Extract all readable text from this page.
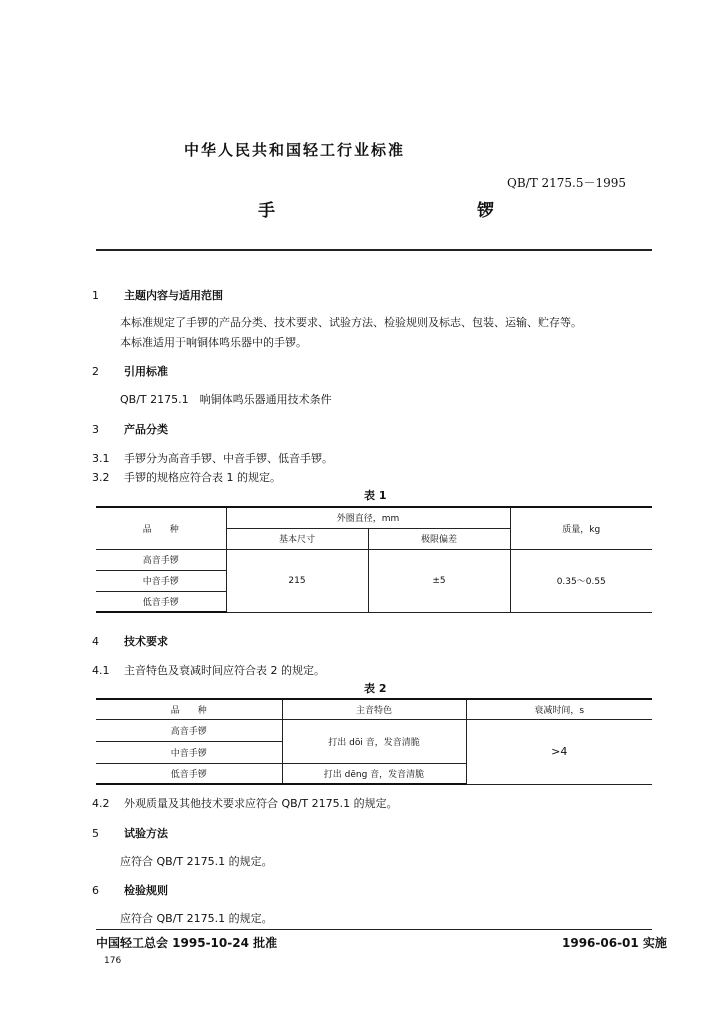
中华人民共和国轻工行业标准
QB/T 2175.5－1995
手　　锣
1 主题内容与适用范围
本标准规定了手锣的产品分类、技术要求、试验方法、检验规则及标志、包装、运输、贮存等。
本标准适用于响铜体鸣乐器中的手锣。
2 引用标准
QB/T 2175.1　响铜体鸣乐器通用技术条件
3 产品分类
3.1 手锣分为高音手锣、中音手锣、低音手锣。
3.2 手锣的规格应符合表 1 的规定。
表 1
品　　种	外圈直径，mm		质量，kg
	基本尺寸	极限偏差	
高音手锣	215	±5	0.35～0.55
中音手锣			
低音手锣			
4 技术要求
4.1 主音特色及衰减时间应符合表 2 的规定。
表 2
品　　种	主音特色	衰减时间，s
高音手锣	打出 dōi 音，发音清脆	>4
中音手锣		
低音手锣	打出 dēng 音，发音清脆	
4.2 外观质量及其他技术要求应符合 QB/T 2175.1 的规定。
5 试验方法
应符合 QB/T 2175.1 的规定。
6 检验规则
应符合 QB/T 2175.1 的规定。
中国轻工总会 1995-10-24 批准	1996-06-01 实施
176
